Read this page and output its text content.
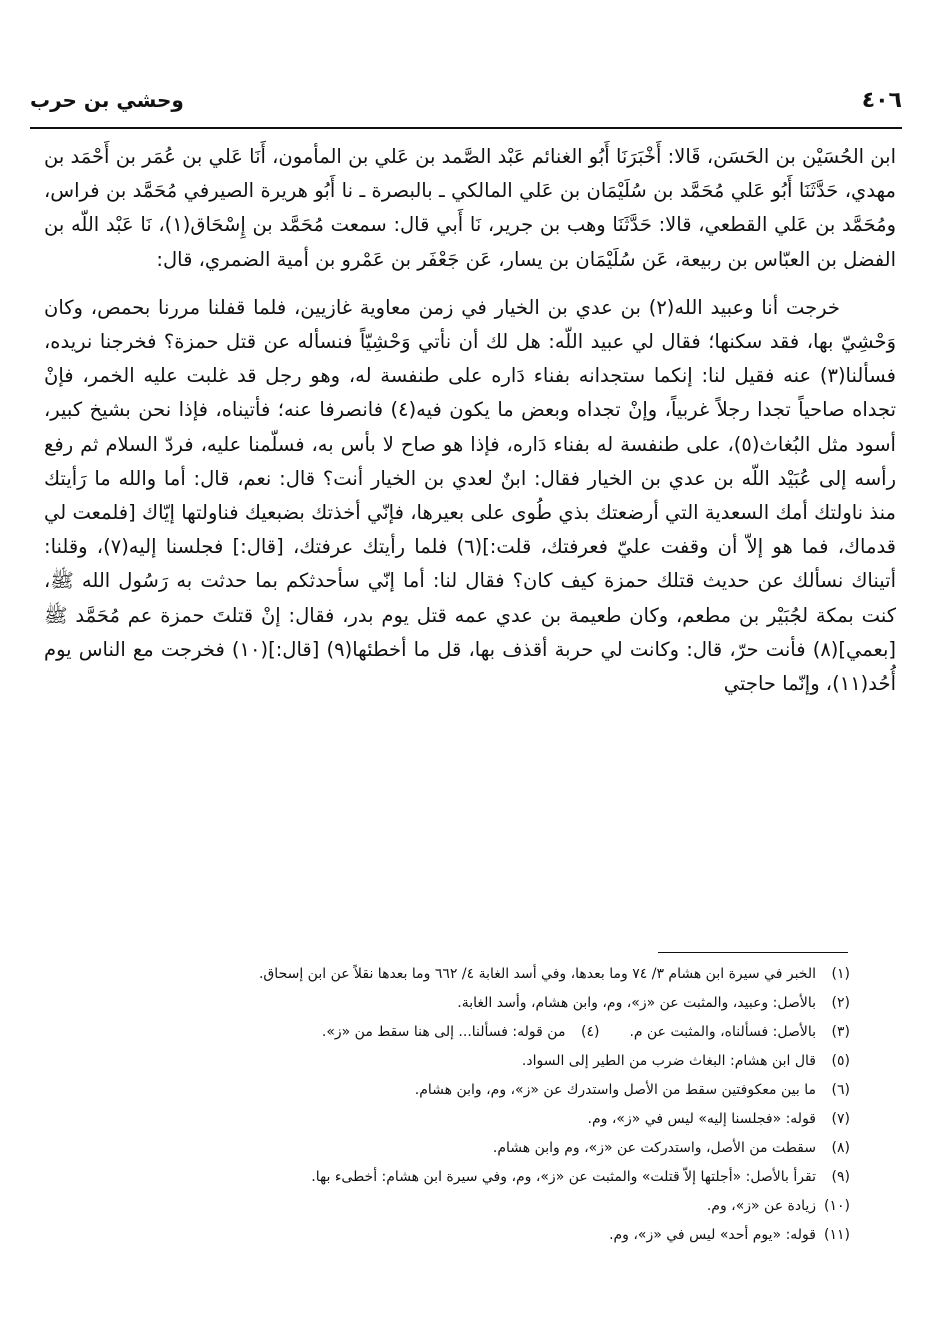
٤٠٦
وحشي بن حرب

ابن الحُسَيْن بن الحَسَن، قَالا: أَخْبَرَنَا أَبُو الغنائم عَبْد الصَّمد بن عَلي بن المأمون، أَنَا عَلي بن عُمَر بن أَحْمَد بن مهدي، حَدَّثَنَا أَبُو عَلي مُحَمَّد بن سُلَيْمَان بن عَلي المالكي ـ بالبصرة ـ نا أَبُو هريرة الصيرفي مُحَمَّد بن فراس، ومُحَمَّد بن عَلي القطعي، قالا: حَدَّثَنَا وهب بن جرير، نَا أَبي قال: سمعت مُحَمَّد بن إِسْحَاق(١)، نَا عَبْد اللّه بن الفضل بن العبّاس بن ربيعة، عَن سُلَيْمَان بن يسار، عَن جَعْفَر بن عَمْرو بن أمية الضمري، قال:

خرجت أنا وعبيد الله(٢) بن عدي بن الخيار في زمن معاوية غازيين، فلما قفلنا مررنا بحمص، وكان وَحْشِيّ بها، فقد سكنها؛ فقال لي عبيد اللّه: هل لك أن نأتي وَحْشِيّاً فنسأله عن قتل حمزة؟ فخرجنا نريده، فسألنا(٣) عنه فقيل لنا: إنكما ستجدانه بفناء دَاره على طنفسة له، وهو رجل قد غلبت عليه الخمر، فإنْ تجداه صاحياً تجدا رجلاً غربياً، وإنْ تجداه وبعض ما يكون فيه(٤) فانصرفا عنه؛ فأتيناه، فإذا نحن بشيخ كبير، أسود مثل البُغاث(٥)، على طنفسة له بفناء دَاره، فإذا هو صاح لا بأس به، فسلّمنا عليه، فردّ السلام ثم رفع رأسه إلى عُبَيْد اللّه بن عدي بن الخيار فقال: ابنٌ لعدي بن الخيار أنت؟ قال: نعم، قال: أما والله ما رَأيتك منذ ناولتك أمك السعدية التي أرضعتك بذي طُوى على بعيرها، فإنّي أخذتك بضبعيك فناولتها إيّاك [فلمعت لي قدماك، فما هو إلاّ أن وقفت عليّ فعرفتك، قلت:](٦) فلما رأيتك عرفتك، [قال:] فجلسنا إليه(٧)، وقلنا: أتيناك نسألك عن حديث قتلك حمزة كيف كان؟ فقال لنا: أما إنّي سأحدثكم بما حدثت به رَسُول الله ﷺ، كنت بمكة لجُبَيْر بن مطعم، وكان طعيمة بن عدي عمه قتل يوم بدر، فقال: إنْ قتلتَ حمزة عم مُحَمَّد ﷺ [بعمي](٨) فأنت حرّ، قال: وكانت لي حربة أقذف بها، قل ما أخطئها(٩) [قال:](١٠) فخرجت مع الناس يوم أُحُد(١١)، وإنّما حاجتي

(١)الخبر في سيرة ابن هشام ٣/ ٧٤ وما بعدها، وفي أسد الغابة ٤/ ٦٦٢ وما بعدها نقلاً عن ابن إسحاق.
(٢)بالأصل: وعبيد، والمثبت عن «ز»، وم، وابن هشام، وأسد الغابة.
(٣)بالأصل: فسألناه، والمثبت عن م.(٤)من قوله: فسألنا... إلى هنا سقط من «ز».
(٥)قال ابن هشام: البغاث ضرب من الطير إلى السواد.
(٦)ما بين معكوفتين سقط من الأصل واستدرك عن «ز»، وم، وابن هشام.
(٧)قوله: «فجلسنا إليه» ليس في «ز»، وم.
(٨)سقطت من الأصل، واستدركت عن «ز»، وم وابن هشام.
(٩)تقرأ بالأصل: «أجلتها إلاّ قتلت» والمثبت عن «ز»، وم، وفي سيرة ابن هشام: أخطىء بها.
(١٠)زيادة عن «ز»، وم.
(١١)قوله: «يوم أحد» ليس في «ز»، وم.
